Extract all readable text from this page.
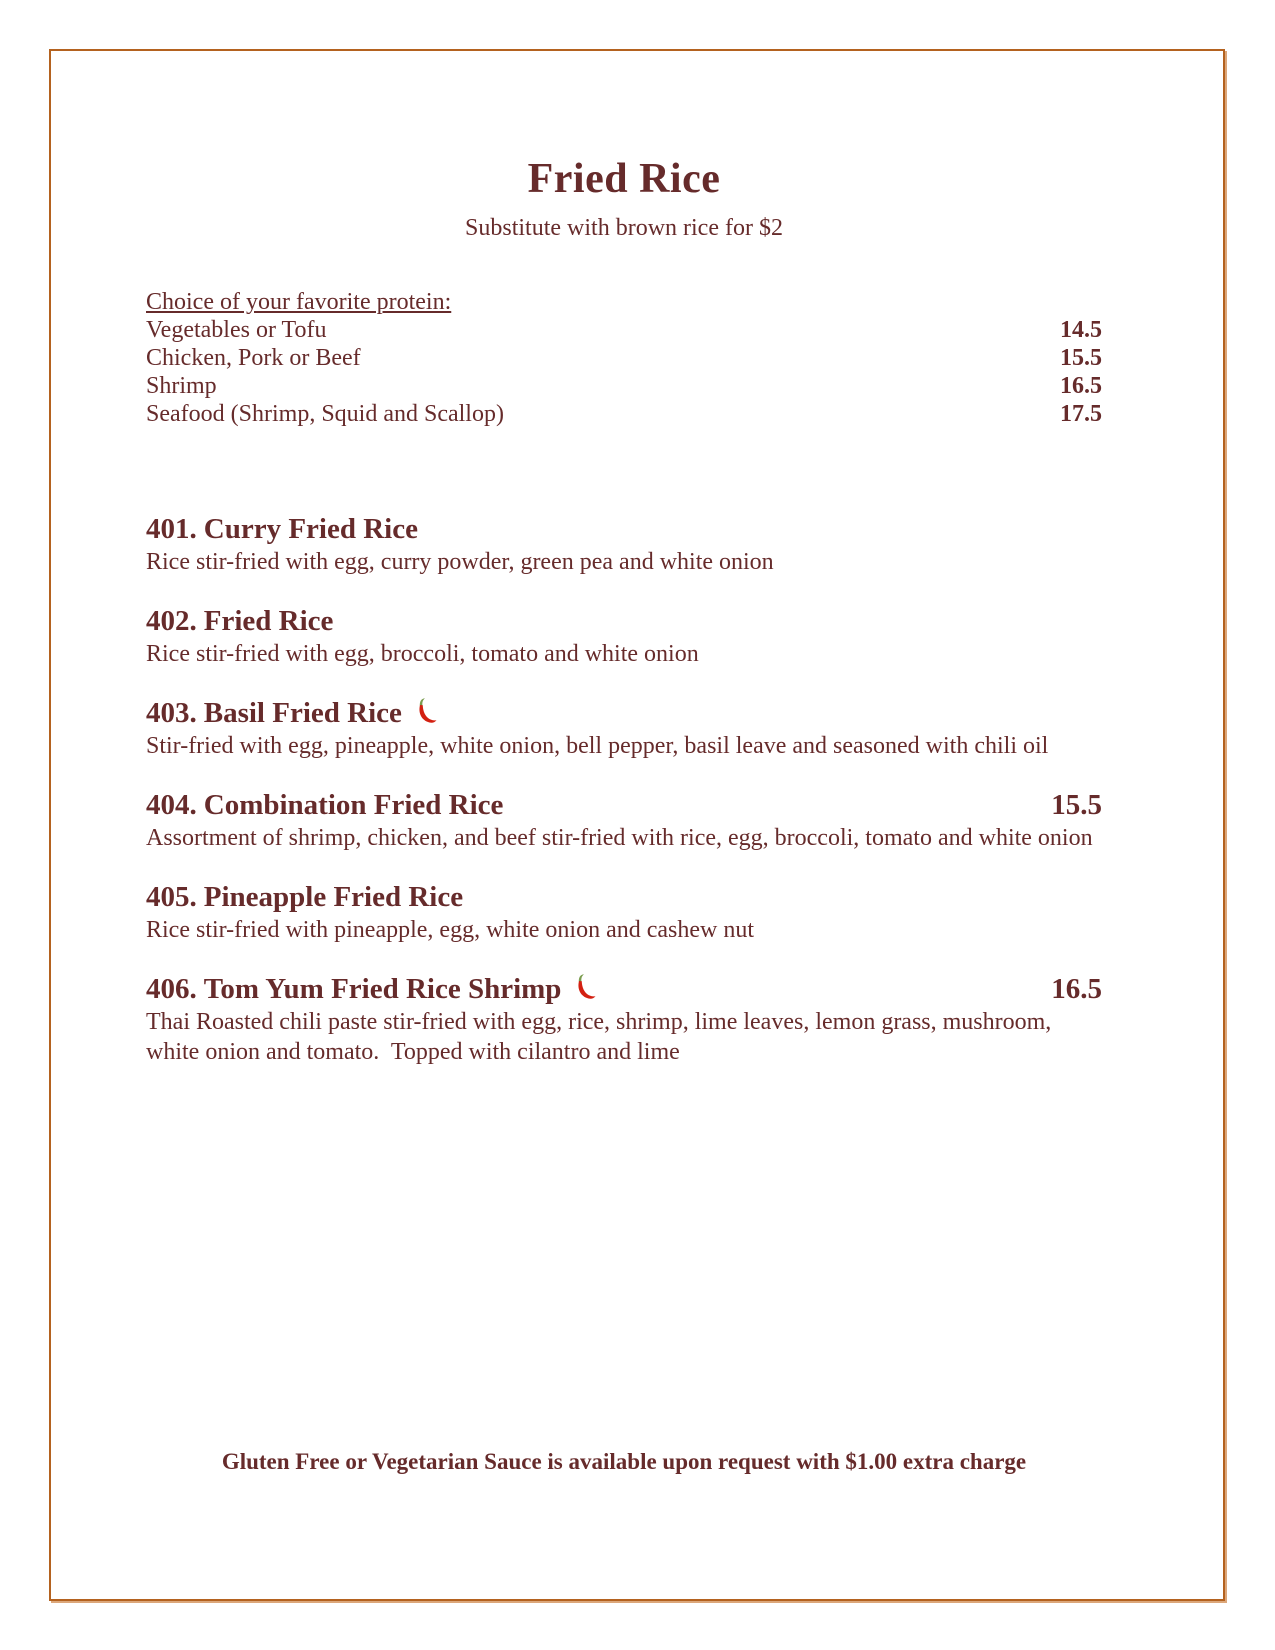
Fried Rice
Substitute with brown rice for $2
Choice of your favorite protein:
Vegetables or Tofu	14.5
Chicken, Pork or Beef	15.5
Shrimp	16.5
Seafood (Shrimp, Squid and Scallop)	17.5
401. Curry Fried Rice
Rice stir-fried with egg, curry powder, green pea and white onion
402. Fried Rice
Rice stir-fried with egg, broccoli, tomato and white onion
403. Basil Fried Rice
Stir-fried with egg, pineapple, white onion, bell pepper, basil leave and seasoned with chili oil
404. Combination Fried Rice	15.5
Assortment of shrimp, chicken, and beef stir-fried with rice, egg, broccoli, tomato and white onion
405. Pineapple Fried Rice
Rice stir-fried with pineapple, egg, white onion and cashew nut
406. Tom Yum Fried Rice Shrimp	16.5
Thai Roasted chili paste stir-fried with egg, rice, shrimp, lime leaves, lemon grass, mushroom, white onion and tomato.  Topped with cilantro and lime
Gluten Free or Vegetarian Sauce is available upon request with $1.00 extra charge
